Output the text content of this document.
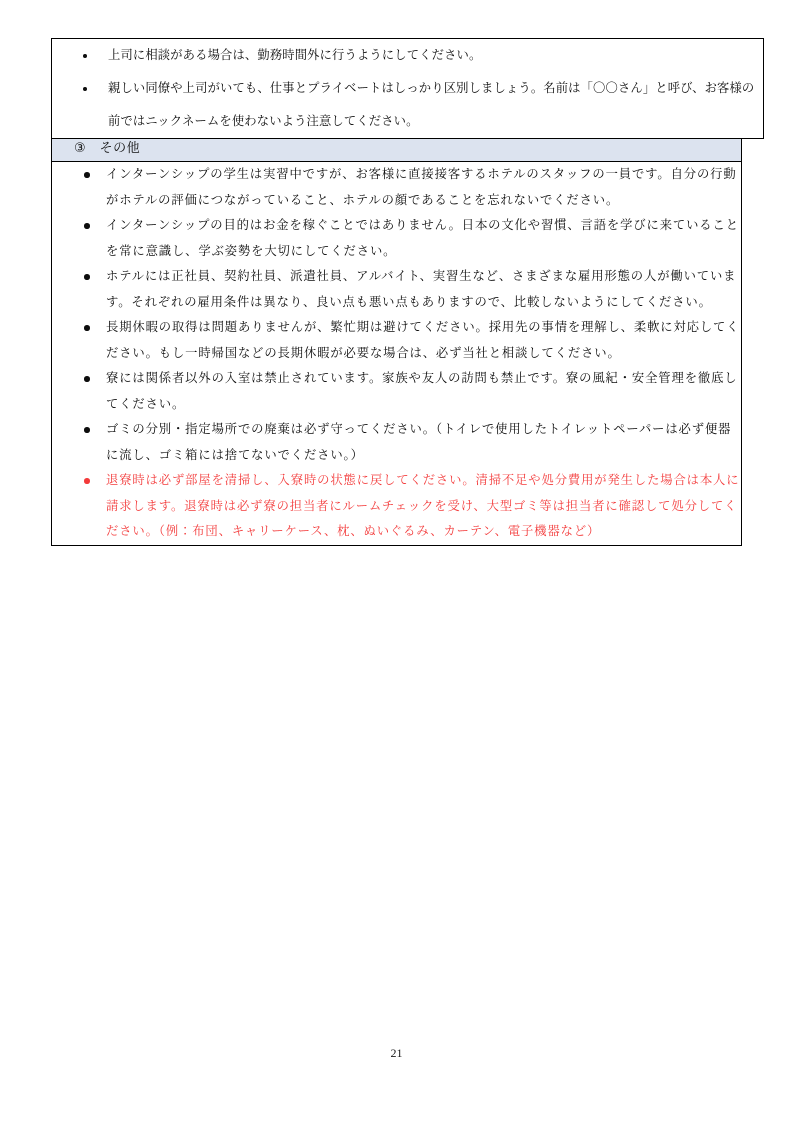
上司に相談がある場合は、勤務時間外に行うようにしてください。
親しい同僚や上司がいても、仕事とプライベートはしっかり区別しましょう。名前は「〇〇さん」と呼び、お客様の前ではニックネームを使わないよう注意してください。

③　その他	

インターンシップの学生は実習中ですが、お客様に直接接客するホテルのスタッフの一員です。自分の行動がホテルの評価につながっていること、ホテルの顔であることを忘れないでください。
インターンシップの目的はお金を稼ぐことではありません。日本の文化や習慣、言語を学びに来ていることを常に意識し、学ぶ姿勢を大切にしてください。
ホテルには正社員、契約社員、派遣社員、アルバイト、実習生など、さまざまな雇用形態の人が働いています。それぞれの雇用条件は異なり、良い点も悪い点もありますので、比較しないようにしてください。
長期休暇の取得は問題ありませんが、繁忙期は避けてください。採用先の事情を理解し、柔軟に対応してください。もし一時帰国などの長期休暇が必要な場合は、必ず当社と相談してください。
寮には関係者以外の入室は禁止されています。家族や友人の訪問も禁止です。寮の風紀・安全管理を徹底してください。
ゴミの分別・指定場所での廃棄は必ず守ってください。（トイレで使用したトイレットペーパーは必ず便器に流し、ゴミ箱には捨てないでください。）
退寮時は必ず部屋を清掃し、入寮時の状態に戻してください。清掃不足や処分費用が発生した場合は本人に請求します。退寮時は必ず寮の担当者にルームチェックを受け、大型ゴミ等は担当者に確認して処分してください。（例：布団、キャリーケース、枕、ぬいぐるみ、カーテン、電子機器など）

21
